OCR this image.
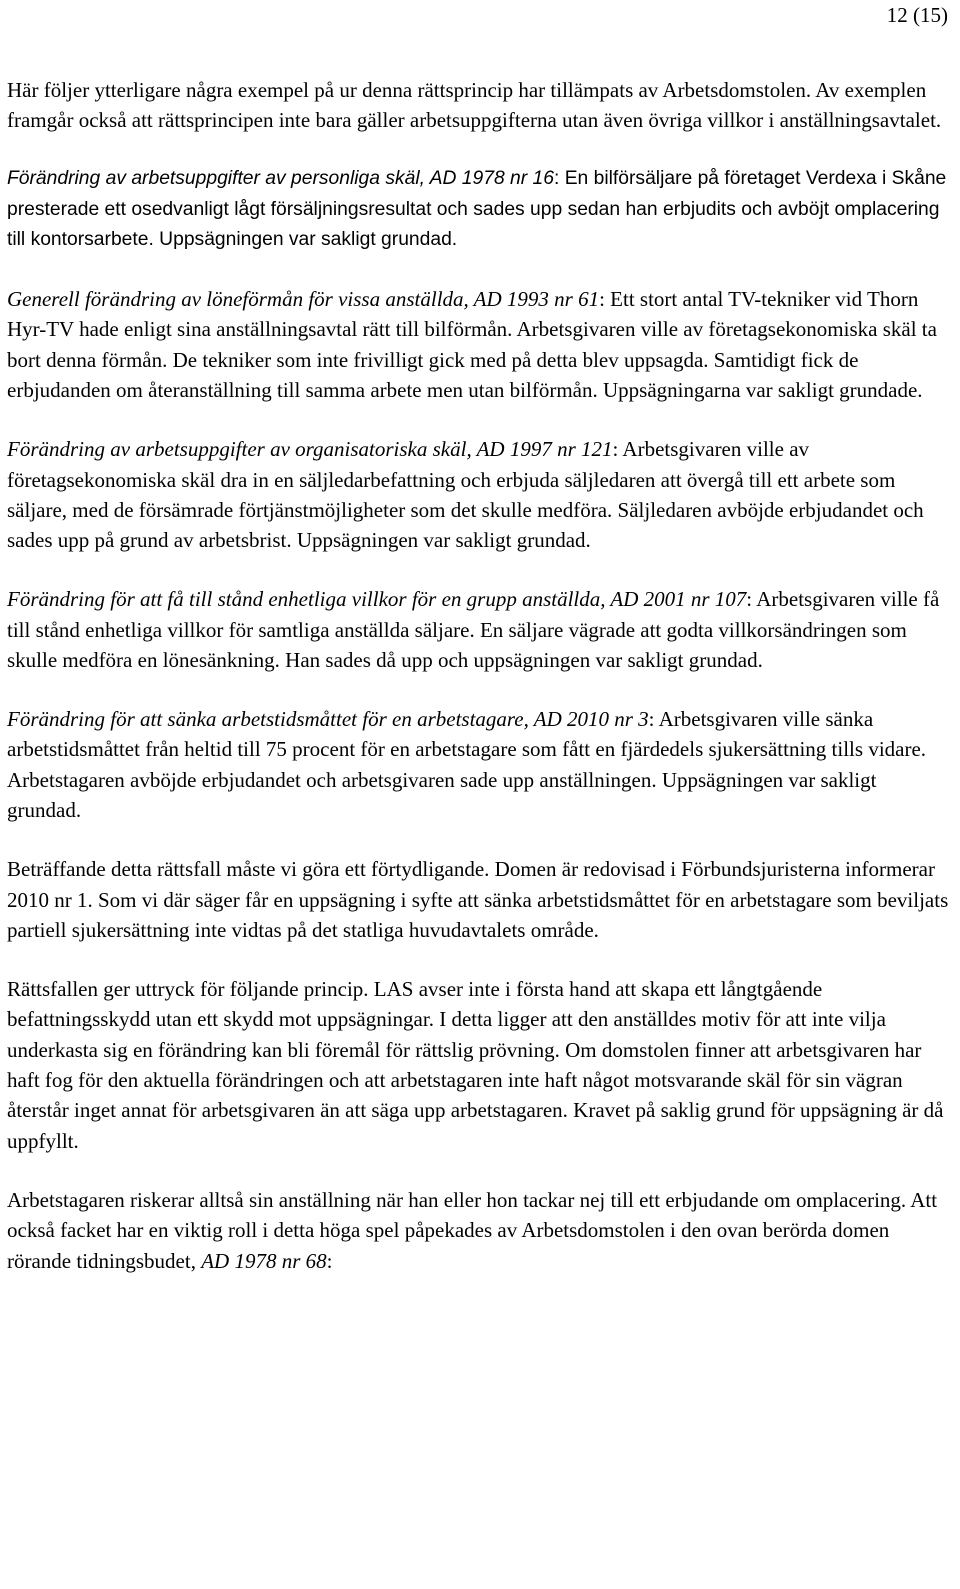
12 (15)

Här följer ytterligare några exempel på ur denna rättsprincip har tillämpats av Arbetsdomstolen. Av exemplen framgår också att rättsprincipen inte bara gäller arbetsuppgifterna utan även övriga villkor i anställningsavtalet.

Förändring av arbetsuppgifter av personliga skäl, AD 1978 nr 16: En bilförsäljare på företaget Verdexa i Skåne presterade ett osedvanligt lågt försäljningsresultat och sades upp sedan han erbjudits och avböjt omplacering till kontorsarbete. Uppsägningen var sakligt grundad.

Generell förändring av löneförmån för vissa anställda, AD 1993 nr 61: Ett stort antal TV-tekniker vid Thorn Hyr-TV hade enligt sina anställningsavtal rätt till bilförmån. Arbetsgivaren ville av företagsekonomiska skäl ta bort denna förmån. De tekniker som inte frivilligt gick med på detta blev uppsagda. Samtidigt fick de erbjudanden om återanställning till samma arbete men utan bilförmån. Uppsägningarna var sakligt grundade.

Förändring av arbetsuppgifter av organisatoriska skäl, AD 1997 nr 121: Arbetsgivaren ville av företagsekonomiska skäl dra in en säljledarbefattning och erbjuda säljledaren att övergå till ett arbete som säljare, med de försämrade förtjänstmöjligheter som det skulle medföra. Säljledaren avböjde erbjudandet och sades upp på grund av arbetsbrist. Uppsägningen var sakligt grundad.

Förändring för att få till stånd enhetliga villkor för en grupp anställda, AD 2001 nr 107: Arbetsgivaren ville få till stånd enhetliga villkor för samtliga anställda säljare. En säljare vägrade att godta villkorsändringen som skulle medföra en lönesänkning. Han sades då upp och uppsägningen var sakligt grundad.

Förändring för att sänka arbetstidsmåttet för en arbetstagare, AD 2010 nr 3: Arbetsgivaren ville sänka arbetstidsmåttet från heltid till 75 procent för en arbetstagare som fått en fjärdedels sjukersättning tills vidare. Arbetstagaren avböjde erbjudandet och arbetsgivaren sade upp anställningen. Uppsägningen var sakligt grundad.

Beträffande detta rättsfall måste vi göra ett förtydligande. Domen är redovisad i Förbundsjuristerna informerar 2010 nr 1. Som vi där säger får en uppsägning i syfte att sänka arbetstidsmåttet för en arbetstagare som beviljats partiell sjukersättning inte vidtas på det statliga huvudavtalets område.

Rättsfallen ger uttryck för följande princip. LAS avser inte i första hand att skapa ett långtgående befattningsskydd utan ett skydd mot uppsägningar. I detta ligger att den anställdes motiv för att inte vilja underkasta sig en förändring kan bli föremål för rättslig prövning. Om domstolen finner att arbetsgivaren har haft fog för den aktuella förändringen och att arbetstagaren inte haft något motsvarande skäl för sin vägran återstår inget annat för arbetsgivaren än att säga upp arbetstagaren. Kravet på saklig grund för uppsägning är då uppfyllt.

Arbetstagaren riskerar alltså sin anställning när han eller hon tackar nej till ett erbjudande om omplacering. Att också facket har en viktig roll i detta höga spel påpekades av Arbetsdomstolen i den ovan berörda domen rörande tidningsbudet, AD 1978 nr 68:
